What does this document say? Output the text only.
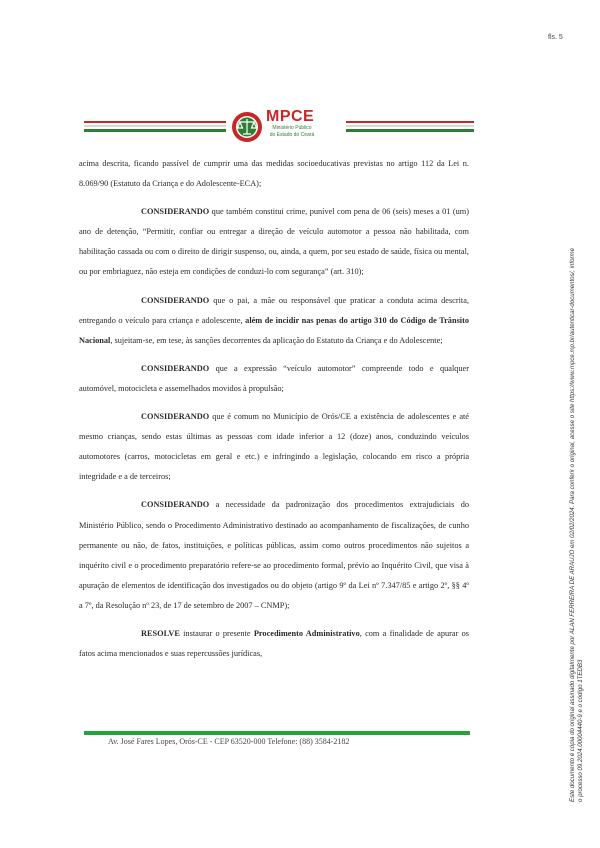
fls. 5
MPCE
Ministério Público
do Estado do Ceará

acima descrita, ficando passível de cumprir uma das medidas socioeducativas previstas no artigo 112 da Lei n. 8.069/90 (Estatuto da Criança e do Adolescente-ECA);

CONSIDERANDO que também constitui crime, punível com pena de 06 (seis) meses a 01 (um) ano de detenção, “Permitir, confiar ou entregar a direção de veículo automotor a pessoa não habilitada, com habilitação cassada ou com o direito de dirigir suspenso, ou, ainda, a quem, por seu estado de saúde, física ou mental, ou por embriaguez, não esteja em condições de conduzi-lo com segurança” (art. 310);

CONSIDERANDO que o pai, a mãe ou responsável que praticar a conduta acima descrita, entregando o veículo para criança e adolescente, além de incidir nas penas do artigo 310 do Código de Trânsito Nacional, sujeitam-se, em tese, às sanções decorrentes da aplicação do Estatuto da Criança e do Adolescente;

CONSIDERANDO que a expressão “veículo automotor” compreende todo e qualquer automóvel, motocicleta e assemelhados movidos à propulsão;

CONSIDERANDO que é comum no Município de Orós/CE a existência de adolescentes e até mesmo crianças, sendo estas últimas as pessoas com idade inferior a 12 (doze) anos, conduzindo veículos automotores (carros, motocicletas em geral e etc.) e infringindo a legislação, colocando em risco a própria integridade e a de terceiros;

CONSIDERANDO a necessidade da padronização dos procedimentos extrajudiciais do Ministério Público, sendo o Procedimento Administrativo destinado ao acompanhamento de fiscalizações, de cunho permanente ou não, de fatos, instituições, e políticas públicas, assim como outros procedimentos não sujeitos a inquérito civil e o procedimento preparatório refere-se ao procedimento formal, prévio ao Inquérito Civil, que visa à apuração de elementos de identificação dos investigados ou do objeto (artigo 9º da Lei nº 7.347/85 e artigo 2º, §§ 4º a 7º, da Resolução nº 23, de 17 de setembro de 2007 – CNMP);

RESOLVE instaurar o presente Procedimento Administrativo, com a finalidade de apurar os fatos acima mencionados e suas repercussões jurídicas,

Av. José Fares Lopes, Orós-CE - CEP 63520-000 Telefone: (88) 3584-2182	Este documento é cópia do original assinado digitalmente por ALAN FERREIRA DE ARAUJO em 02/02/2024. Para conferir o original, acesse o site https://www.mpce.mp.br/autenticar-documentos/, informe o processo 09.2024.00004440-9 e o código 1TEDB3
